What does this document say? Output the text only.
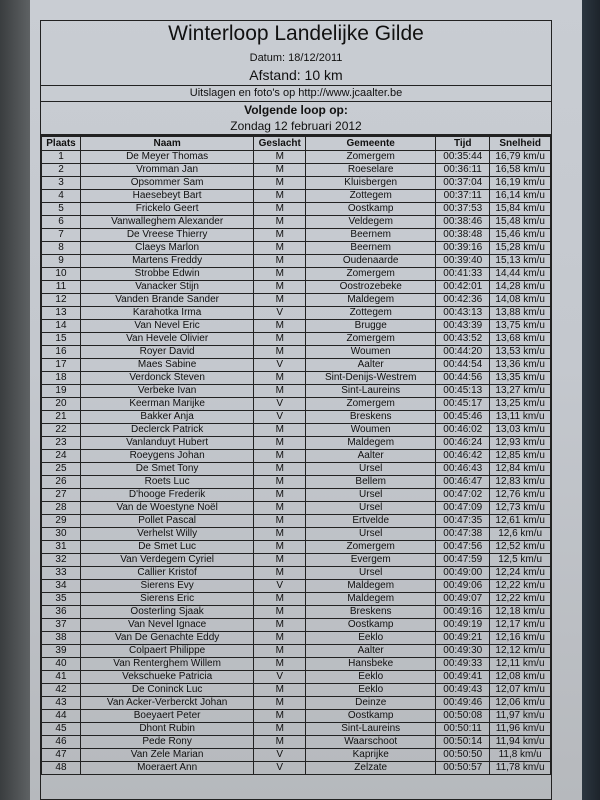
Winterloop Landelijke Gilde
Datum: 18/12/2011
Afstand: 10 km
Uitslagen en foto's op http://www.jcaalter.be
Volgende loop op:
Zondag 12 februari 2012
Plaats	Naam	Geslacht	Gemeente	Tijd	Snelheid
1	De Meyer Thomas	M	Zomergem	00:35:44	16,79 km/u
2	Vromman Jan	M	Roeselare	00:36:11	16,58 km/u
3	Opsommer Sam	M	Kluisbergen	00:37:04	16,19 km/u
4	Haesebeyt Bart	M	Zottegem	00:37:11	16,14 km/u
5	Frickelo Geert	M	Oostkamp	00:37:53	15,84 km/u
6	Vanwalleghem Alexander	M	Veldegem	00:38:46	15,48 km/u
7	De Vreese Thierry	M	Beernem	00:38:48	15,46 km/u
8	Claeys Marlon	M	Beernem	00:39:16	15,28 km/u
9	Martens Freddy	M	Oudenaarde	00:39:40	15,13 km/u
10	Strobbe Edwin	M	Zomergem	00:41:33	14,44 km/u
11	Vanacker Stijn	M	Oostrozebeke	00:42:01	14,28 km/u
12	Vanden Brande Sander	M	Maldegem	00:42:36	14,08 km/u
13	Karahotka Irma	V	Zottegem	00:43:13	13,88 km/u
14	Van Nevel Eric	M	Brugge	00:43:39	13,75 km/u
15	Van Hevele Olivier	M	Zomergem	00:43:52	13,68 km/u
16	Royer David	M	Woumen	00:44:20	13,53 km/u
17	Maes Sabine	V	Aalter	00:44:54	13,36 km/u
18	Verdonck Steven	M	Sint-Denijs-Westrem	00:44:56	13,35 km/u
19	Verbeke Ivan	M	Sint-Laureins	00:45:13	13,27 km/u
20	Keerman Marijke	V	Zomergem	00:45:17	13,25 km/u
21	Bakker Anja	V	Breskens	00:45:46	13,11 km/u
22	Declerck Patrick	M	Woumen	00:46:02	13,03 km/u
23	Vanlanduyt Hubert	M	Maldegem	00:46:24	12,93 km/u
24	Roeygens Johan	M	Aalter	00:46:42	12,85 km/u
25	De Smet Tony	M	Ursel	00:46:43	12,84 km/u
26	Roets Luc	M	Bellem	00:46:47	12,83 km/u
27	D'hooge Frederik	M	Ursel	00:47:02	12,76 km/u
28	Van de Woestyne Noël	M	Ursel	00:47:09	12,73 km/u
29	Pollet Pascal	M	Ertvelde	00:47:35	12,61 km/u
30	Verhelst Willy	M	Ursel	00:47:38	12,6 km/u
31	De Smet Luc	M	Zomergem	00:47:56	12,52 km/u
32	Van Verdegem Cyriel	M	Evergem	00:47:59	12,5 km/u
33	Callier Kristof	M	Ursel	00:49:00	12,24 km/u
34	Sierens Evy	V	Maldegem	00:49:06	12,22 km/u
35	Sierens Eric	M	Maldegem	00:49:07	12,22 km/u
36	Oosterling Sjaak	M	Breskens	00:49:16	12,18 km/u
37	Van Nevel Ignace	M	Oostkamp	00:49:19	12,17 km/u
38	Van De Genachte Eddy	M	Eeklo	00:49:21	12,16 km/u
39	Colpaert Philippe	M	Aalter	00:49:30	12,12 km/u
40	Van Renterghem Willem	M	Hansbeke	00:49:33	12,11 km/u
41	Vekschueke Patricia	V	Eeklo	00:49:41	12,08 km/u
42	De Coninck Luc	M	Eeklo	00:49:43	12,07 km/u
43	Van Acker-Verberckt Johan	M	Deinze	00:49:46	12,06 km/u
44	Boeyaert Peter	M	Oostkamp	00:50:08	11,97 km/u
45	Dhont Rubin	M	Sint-Laureins	00:50:11	11,96 km/u
46	Pede Rony	M	Waarschoot	00:50:14	11,94 km/u
47	Van Zele Marian	V	Kaprijke	00:50:50	11,8 km/u
48	Moeraert Ann	V	Zelzate	00:50:57	11,78 km/u
